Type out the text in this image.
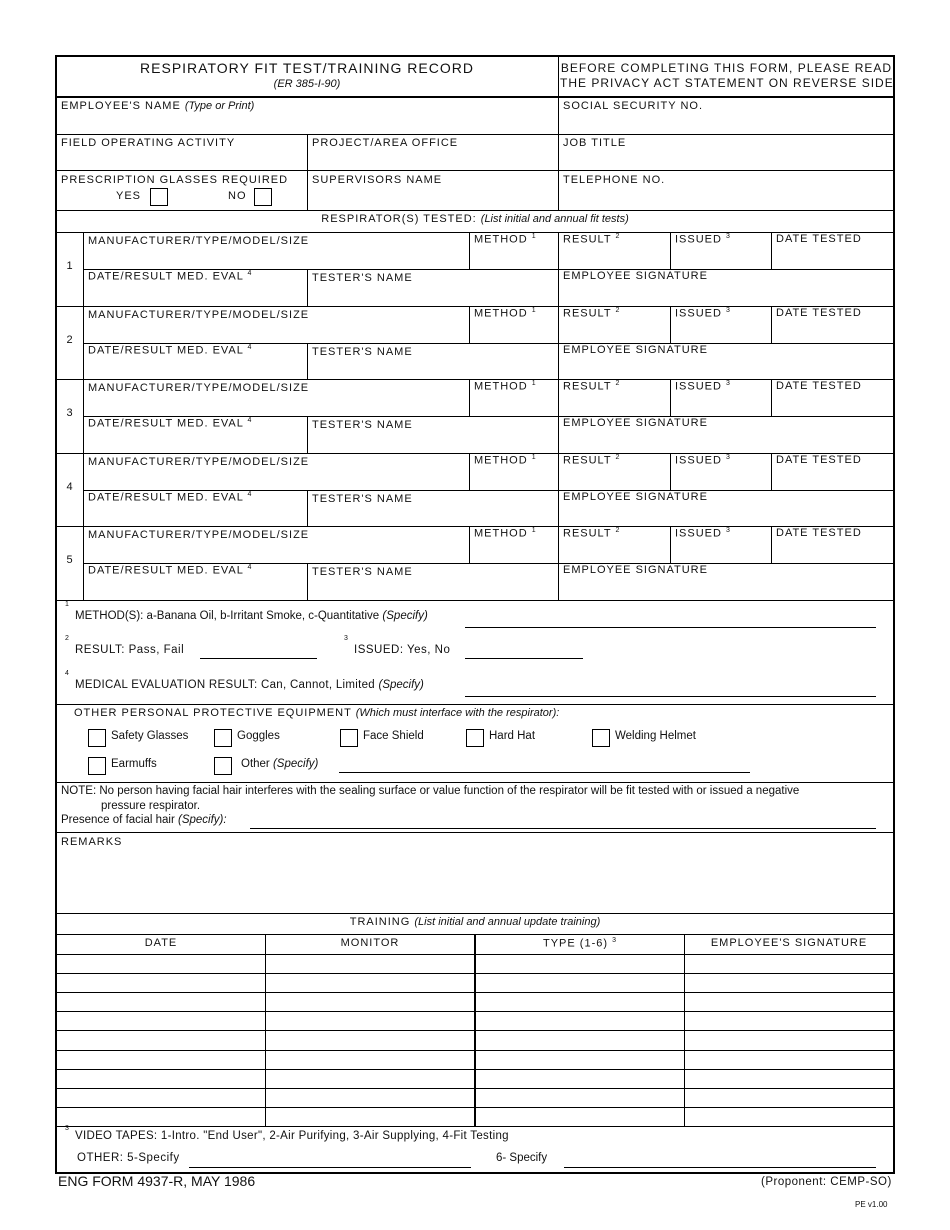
RESPIRATORY FIT TEST/TRAINING RECORD
(ER 385-I-90)
BEFORE COMPLETING THIS FORM, PLEASE READ
THE PRIVACY ACT STATEMENT ON REVERSE SIDE
EMPLOYEE'S NAME (Type or Print)	SOCIAL SECURITY NO.
FIELD OPERATING ACTIVITY	PROJECT/AREA OFFICE	JOB TITLE
PRESCRIPTION GLASSES REQUIRED
YES	NO
SUPERVISORS NAME	TELEPHONE NO.
RESPIRATOR(S) TESTED: (List initial and annual fit tests)
1
MANUFACTURER/TYPE/MODEL/SIZE	METHOD $^1$ RESULT $^2$	ISSUED $^3$	DATE TESTED
DATE/RESULT MED. EVAL $^4$	TESTER'S NAME	EMPLOYEE SIGNATURE
2
MANUFACTURER/TYPE/MODEL/SIZE	METHOD $^1$ RESULT $^2$	ISSUED $^3$	DATE TESTED
DATE/RESULT MED. EVAL $^4$	TESTER'S NAME	EMPLOYEE SIGNATURE
3
MANUFACTURER/TYPE/MODEL/SIZE	METHOD $^1$ RESULT $^2$	ISSUED $^3$	DATE TESTED
DATE/RESULT MED. EVAL $^4$	TESTER'S NAME	EMPLOYEE SIGNATURE
4
MANUFACTURER/TYPE/MODEL/SIZE	METHOD $^1$ RESULT $^2$	ISSUED $^3$	DATE TESTED
DATE/RESULT MED. EVAL $^4$	TESTER'S NAME	EMPLOYEE SIGNATURE
5
MANUFACTURER/TYPE/MODEL/SIZE	METHOD $^1$ RESULT $^2$	ISSUED $^3$	DATE TESTED
DATE/RESULT MED. EVAL $^4$	TESTER'S NAME	EMPLOYEE SIGNATURE
1
METHOD(S): a-Banana Oil, b-Irritant Smoke, c-Quantitative (Specify)
2
RESULT: Pass, Fail
3
ISSUED: Yes, No
4
MEDICAL EVALUATION RESULT: Can, Cannot, Limited (Specify)
OTHER PERSONAL PROTECTIVE EQUIPMENT (Which must interface with the respirator):
Safety Glasses	Goggles	Face Shield	Hard Hat	Welding Helmet
Earmuffs	Other (Specify)
NOTE: No person having facial hair interferes with the sealing surface or value function of the respirator will be fit tested with or issued a negative
pressure respirator.
Presence of facial hair (Specify):
REMARKS
TRAINING (List initial and annual update training)
DATE	MONITOR	TYPE (1-6) $^3$	EMPLOYEE'S SIGNATURE
3
VIDEO TAPES: 1-Intro. "End User", 2-Air Purifying, 3-Air Supplying, 4-Fit Testing
OTHER: 5-Specify	6- Specify
ENG FORM 4937-R, MAY 1986	(Proponent: CEMP-SO)
PE v1.00
